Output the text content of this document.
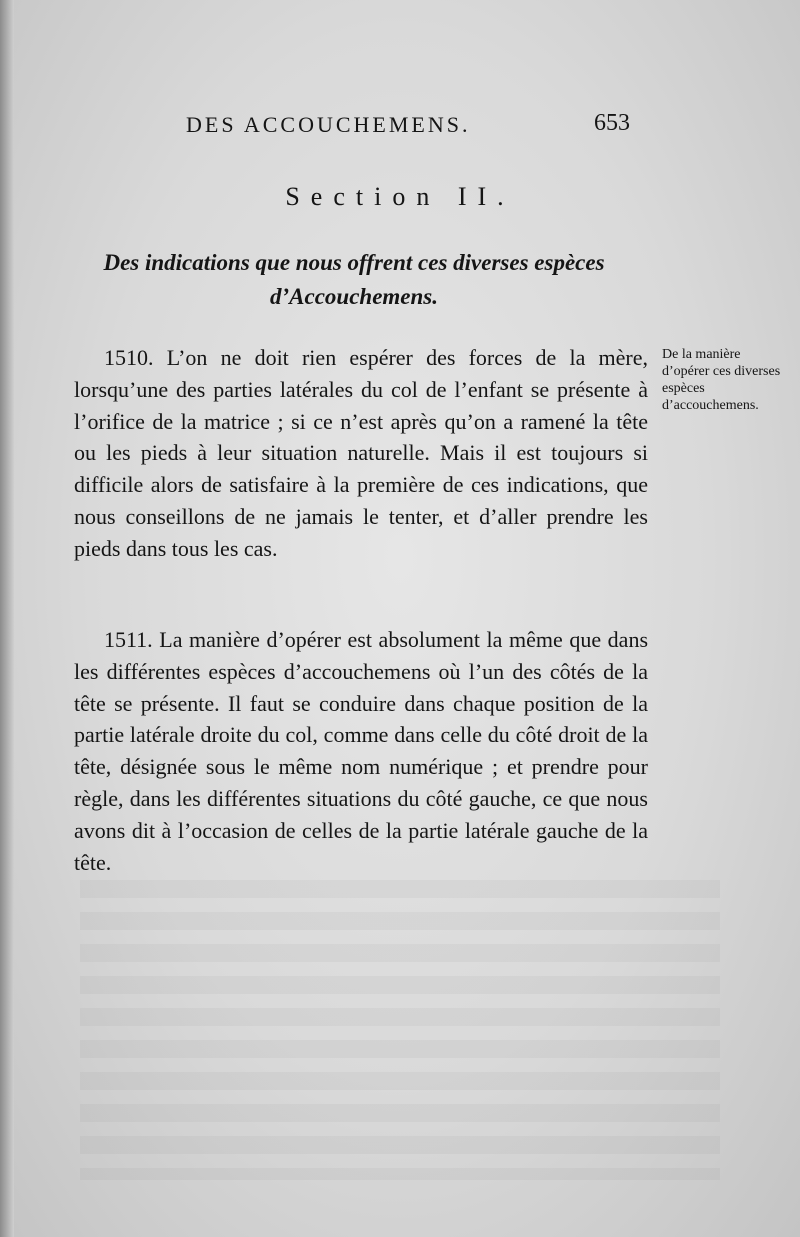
DES ACCOUCHEMENS.	653
Section II.
Des indications que nous offrent ces diverses espèces d’Accouchemens.
1510. L’on ne doit rien espérer des forces de la mère, lorsqu’une des parties latérales du col de l’enfant se présente à l’orifice de la matrice ; si ce n’est après qu’on a ramené la tête ou les pieds à leur situation naturelle. Mais il est toujours si difficile alors de satisfaire à la première de ces indications, que nous conseillons de ne jamais le tenter, et d’aller prendre les pieds dans tous les cas.
1511. La manière d’opérer est absolument la même que dans les différentes espèces d’accouchemens où l’un des côtés de la tête se présente. Il faut se conduire dans chaque position de la partie latérale droite du col, comme dans celle du côté droit de la tête, désignée sous le même nom numérique ; et prendre pour règle, dans les différentes situations du côté gauche, ce que nous avons dit à l’occasion de celles de la partie latérale gauche de la tête.
De la manière d’opérer ces diverses espèces d’accouchemens.
